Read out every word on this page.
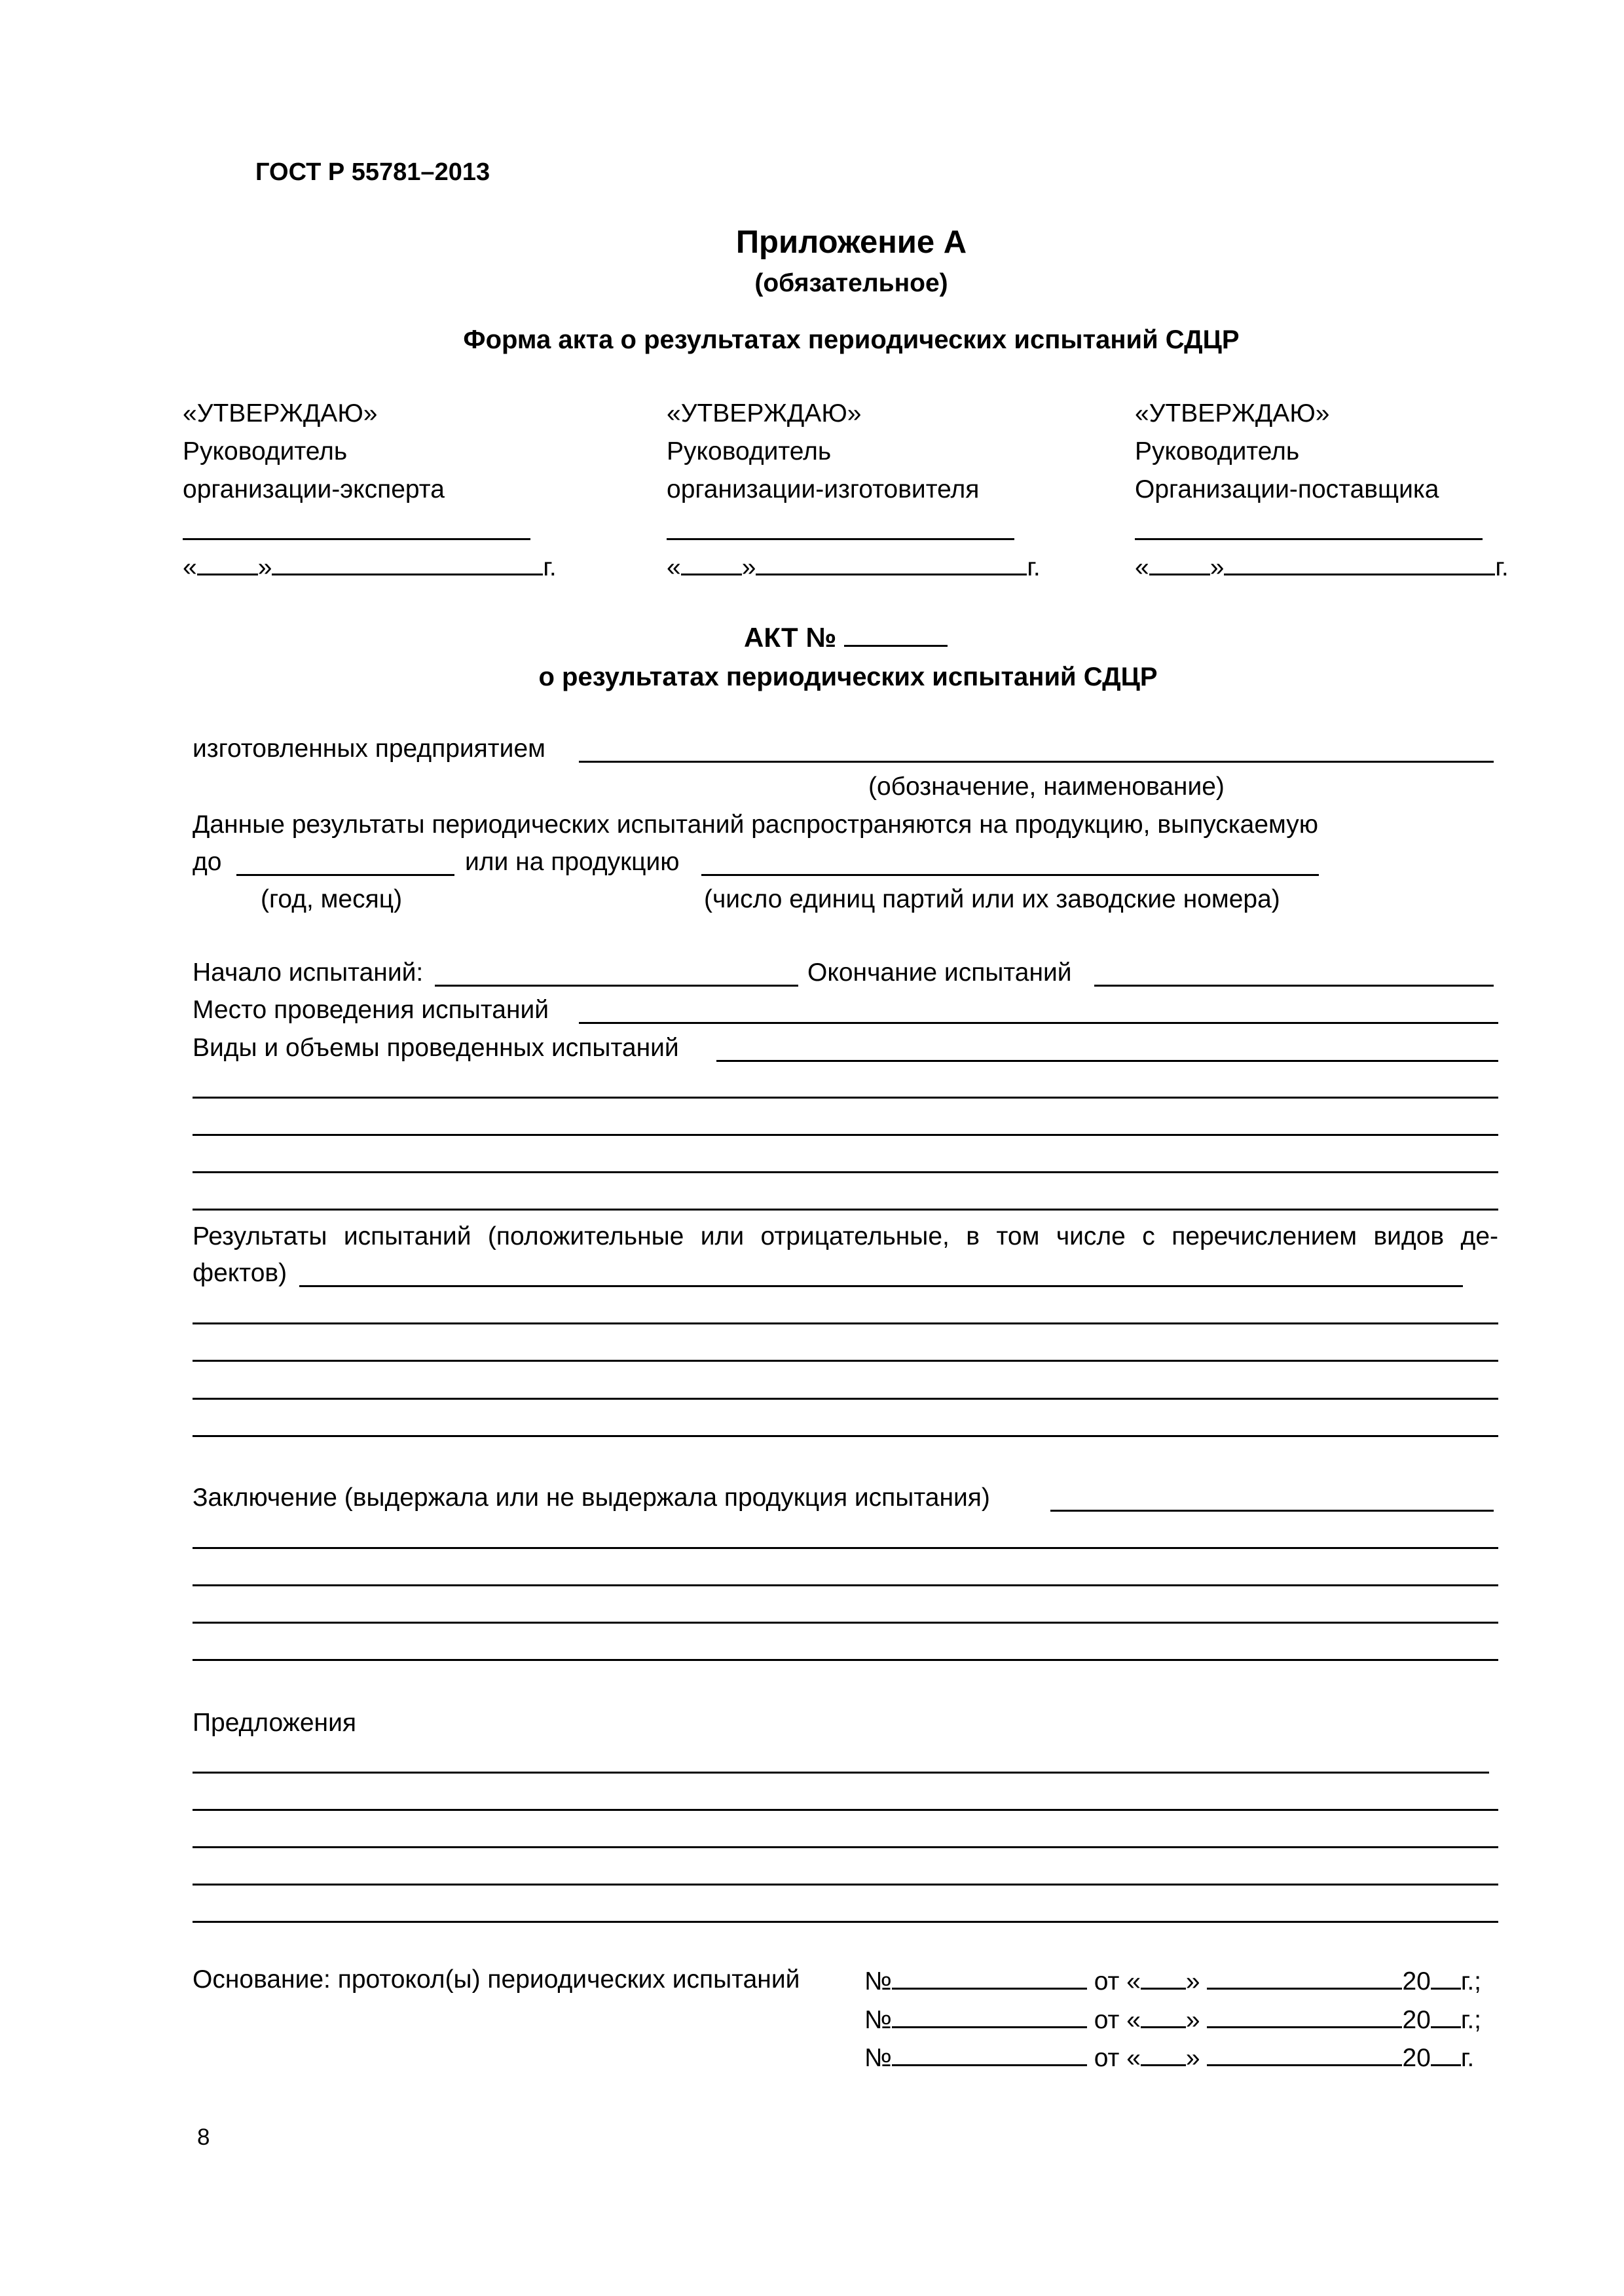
ГОСТ Р 55781–2013
Приложение А
(обязательное)
Форма акта о результатах периодических испытаний СДЦР
«УТВЕРЖДАЮ»
Руководитель
организации-эксперта
« »	г.
«УТВЕРЖДАЮ»
Руководитель
организации-изготовителя
« »	г.
«УТВЕРЖДАЮ»
Руководитель
Организации-поставщика
« »	г.
АКТ №
о результатах периодических испытаний СДЦР
изготовленных предприятием
(обозначение, наименование)
Данные результаты периодических испытаний распространяются на продукцию, выпускаемую
до	или на продукцию
(год, месяц)	(число единиц партий или их заводские номера)
Начало испытаний:	Окончание испытаний
Место проведения испытаний
Виды и объемы проведенных испытаний
Результаты испытаний (положительные или отрицательные, в том числе с перечислением видов де-
фектов)
Заключение (выдержала или не выдержала продукция испытания)
Предложения
Основание: протокол(ы) периодических испытаний	№	от « »	20 г.;
№	от « »	20 г.;
№	от « »	20 г.
8
